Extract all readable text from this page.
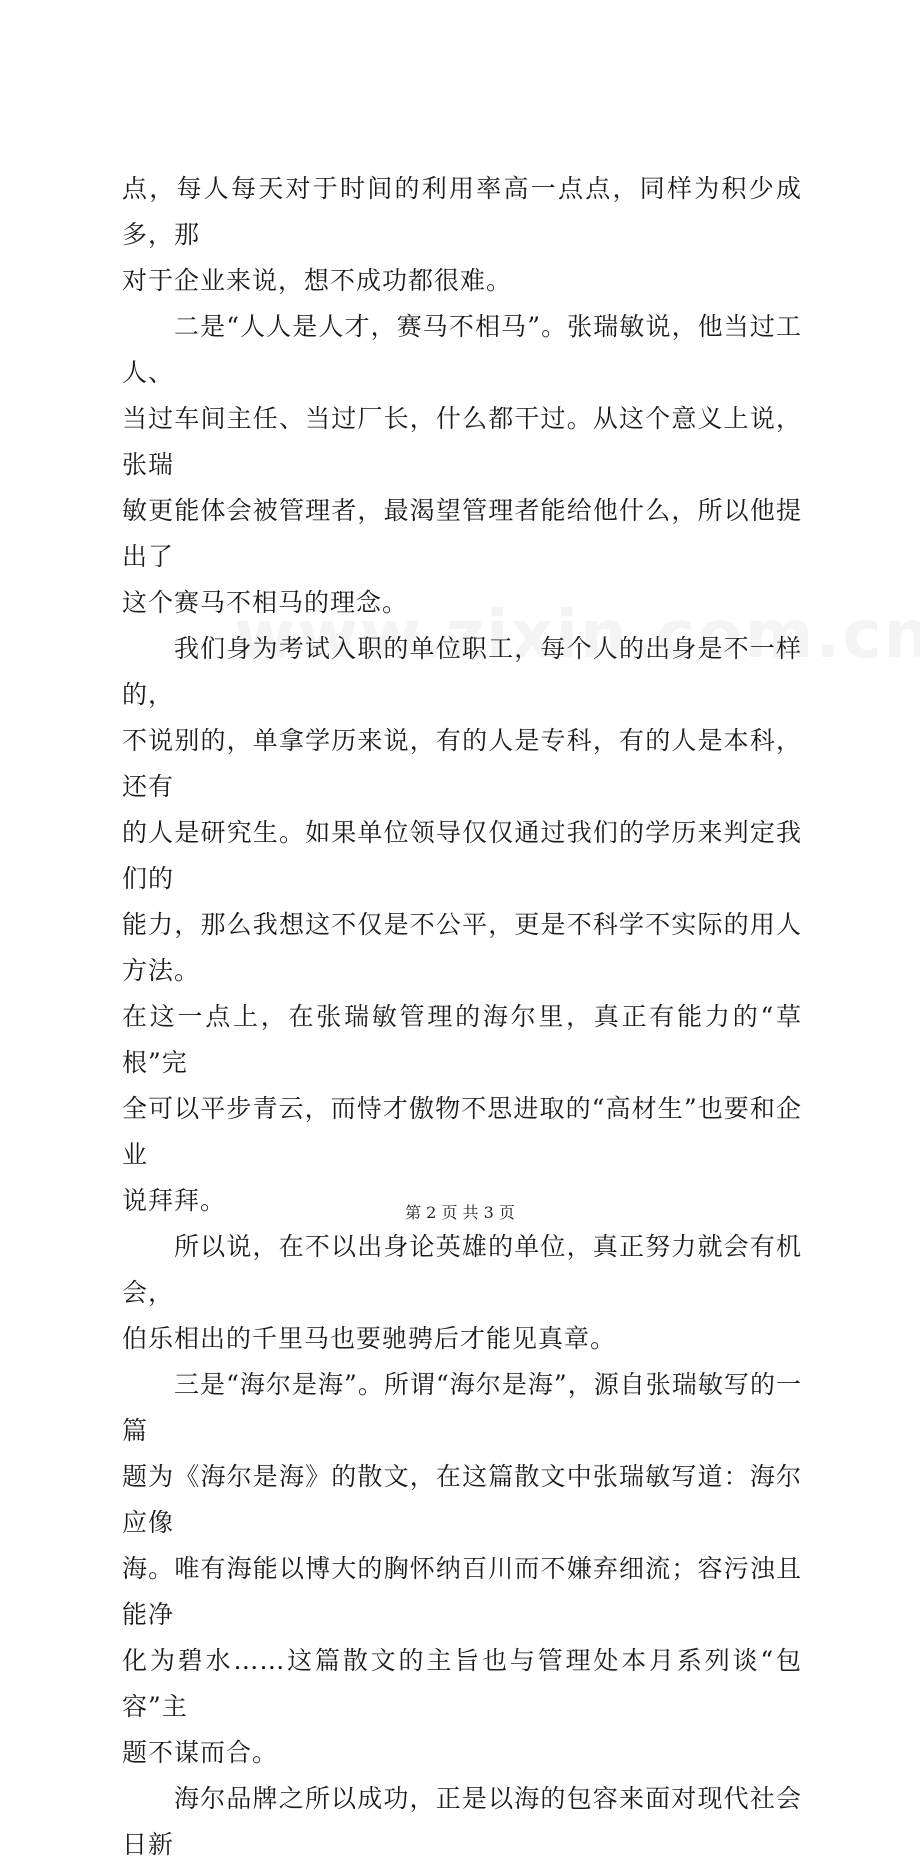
点，每人每天对于时间的利用率高一点点，同样为积少成多，那
对于企业来说，想不成功都很难。

二是“人人是人才，赛马不相马”。张瑞敏说，他当过工人、
当过车间主任、当过厂长，什么都干过。从这个意义上说，张瑞
敏更能体会被管理者，最渴望管理者能给他什么，所以他提出了
这个赛马不相马的理念。

我们身为考试入职的单位职工，每个人的出身是不一样的，
不说别的，单拿学历来说，有的人是专科，有的人是本科，还有
的人是研究生。如果单位领导仅仅通过我们的学历来判定我们的
能力，那么我想这不仅是不公平，更是不科学不实际的用人方法。
在这一点上，在张瑞敏管理的海尔里，真正有能力的“草根”完
全可以平步青云，而恃才傲物不思进取的“高材生”也要和企业
说拜拜。

所以说，在不以出身论英雄的单位，真正努力就会有机会，
伯乐相出的千里马也要驰骋后才能见真章。

三是“海尔是海”。所谓“海尔是海”，源自张瑞敏写的一篇
题为《海尔是海》的散文，在这篇散文中张瑞敏写道：海尔应像
海。唯有海能以博大的胸怀纳百川而不嫌弃细流；容污浊且能净
化为碧水……这篇散文的主旨也与管理处本月系列谈“包容”主
题不谋而合。

海尔品牌之所以成功，正是以海的包容来面对现代社会日新

第 2 页 共 3 页
